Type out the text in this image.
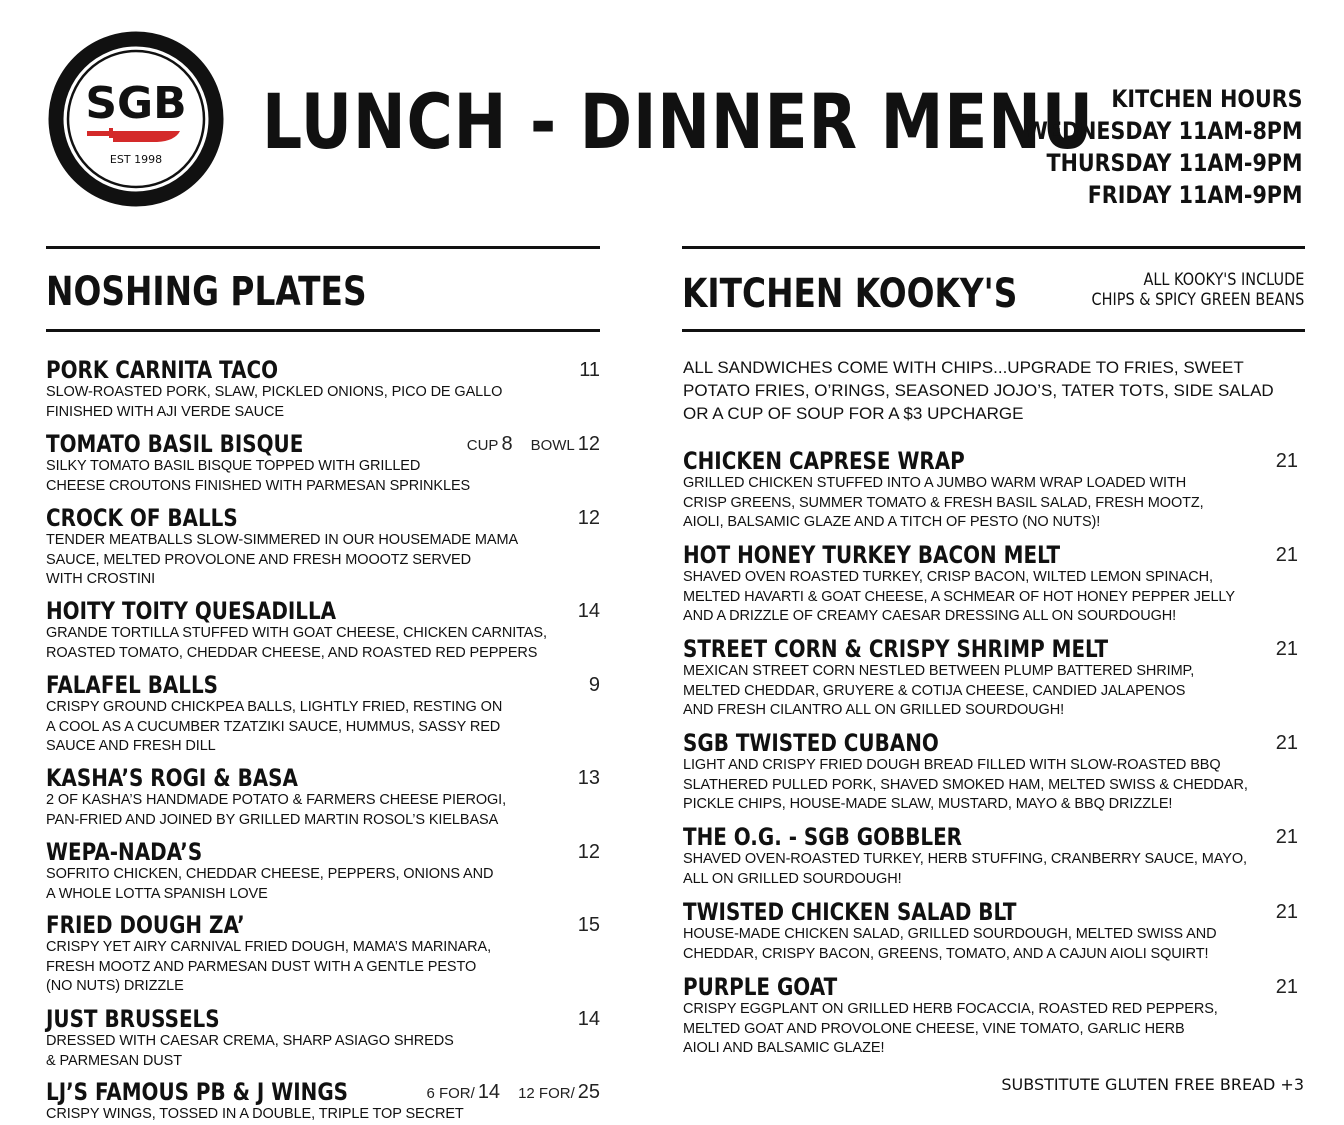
SGB
EST 1998 LUNCH - DINNER MENU KITCHEN HOURS
WEDNESDAY 11AM-8PM
THURSDAY 11AM-9PM
FRIDAY 11AM-9PM
NOSHING PLATES	KITCHEN KOOKY'S	ALL KOOKY'S INCLUDE
CHIPS & SPICY GREEN BEANS
PORK CARNITA TACO	11
SLOW-ROASTED PORK, SLAW, PICKLED ONIONS, PICO DE GALLO
FINISHED WITH AJI VERDE SAUCE
TOMATO BASIL BISQUE	CUP 8 BOWL 12
SILKY TOMATO BASIL BISQUE TOPPED WITH GRILLED
CHEESE CROUTONS FINISHED WITH PARMESAN SPRINKLES
CROCK OF BALLS	12
TENDER MEATBALLS SLOW-SIMMERED IN OUR HOUSEMADE MAMA
SAUCE, MELTED PROVOLONE AND FRESH MOOOTZ SERVED
WITH CROSTINI
HOITY TOITY QUESADILLA	14
GRANDE TORTILLA STUFFED WITH GOAT CHEESE, CHICKEN CARNITAS,
ROASTED TOMATO, CHEDDAR CHEESE, AND ROASTED RED PEPPERS
FALAFEL BALLS	9
CRISPY GROUND CHICKPEA BALLS, LIGHTLY FRIED, RESTING ON
A COOL AS A CUCUMBER TZATZIKI SAUCE, HUMMUS, SASSY RED
SAUCE AND FRESH DILL
KASHA’S ROGI & BASA	13
2 OF KASHA’S HANDMADE POTATO & FARMERS CHEESE PIEROGI,
PAN-FRIED AND JOINED BY GRILLED MARTIN ROSOL’S KIELBASA
WEPA-NADA’S	12
SOFRITO CHICKEN, CHEDDAR CHEESE, PEPPERS, ONIONS AND
A WHOLE LOTTA SPANISH LOVE
FRIED DOUGH ZA’	15
CRISPY YET AIRY CARNIVAL FRIED DOUGH, MAMA’S MARINARA,
FRESH MOOTZ AND PARMESAN DUST WITH A GENTLE PESTO
(NO NUTS) DRIZZLE
JUST BRUSSELS	14
DRESSED WITH CAESAR CREMA, SHARP ASIAGO SHREDS
& PARMESAN DUST
LJ’S FAMOUS PB & J WINGS	6 FOR/ 14 12 FOR/ 25
CRISPY WINGS, TOSSED IN A DOUBLE, TRIPLE TOP SECRET
ALL SANDWICHES COME WITH CHIPS...UPGRADE TO FRIES, SWEET
POTATO FRIES, O’RINGS, SEASONED JOJO’S, TATER TOTS, SIDE SALAD
OR A CUP OF SOUP FOR A $3 UPCHARGE
CHICKEN CAPRESE WRAP	21
GRILLED CHICKEN STUFFED INTO A JUMBO WARM WRAP LOADED WITH
CRISP GREENS, SUMMER TOMATO & FRESH BASIL SALAD, FRESH MOOTZ,
AIOLI, BALSAMIC GLAZE AND A TITCH OF PESTO (NO NUTS)!
HOT HONEY TURKEY BACON MELT	21
SHAVED OVEN ROASTED TURKEY, CRISP BACON, WILTED LEMON SPINACH,
MELTED HAVARTI & GOAT CHEESE, A SCHMEAR OF HOT HONEY PEPPER JELLY
AND A DRIZZLE OF CREAMY CAESAR DRESSING ALL ON SOURDOUGH!
STREET CORN & CRISPY SHRIMP MELT	21
MEXICAN STREET CORN NESTLED BETWEEN PLUMP BATTERED SHRIMP,
MELTED CHEDDAR, GRUYERE & COTIJA CHEESE, CANDIED JALAPENOS
AND FRESH CILANTRO ALL ON GRILLED SOURDOUGH!
SGB TWISTED CUBANO	21
LIGHT AND CRISPY FRIED DOUGH BREAD FILLED WITH SLOW-ROASTED BBQ
SLATHERED PULLED PORK, SHAVED SMOKED HAM, MELTED SWISS & CHEDDAR,
PICKLE CHIPS, HOUSE-MADE SLAW, MUSTARD, MAYO & BBQ DRIZZLE!
THE O.G. - SGB GOBBLER	21
SHAVED OVEN-ROASTED TURKEY, HERB STUFFING, CRANBERRY SAUCE, MAYO,
ALL ON GRILLED SOURDOUGH!
TWISTED CHICKEN SALAD BLT	21
HOUSE-MADE CHICKEN SALAD, GRILLED SOURDOUGH, MELTED SWISS AND
CHEDDAR, CRISPY BACON, GREENS, TOMATO, AND A CAJUN AIOLI SQUIRT!
PURPLE GOAT	21
CRISPY EGGPLANT ON GRILLED HERB FOCACCIA, ROASTED RED PEPPERS,
MELTED GOAT AND PROVOLONE CHEESE, VINE TOMATO, GARLIC HERB
AIOLI AND BALSAMIC GLAZE!
SUBSTITUTE GLUTEN FREE BREAD +3
